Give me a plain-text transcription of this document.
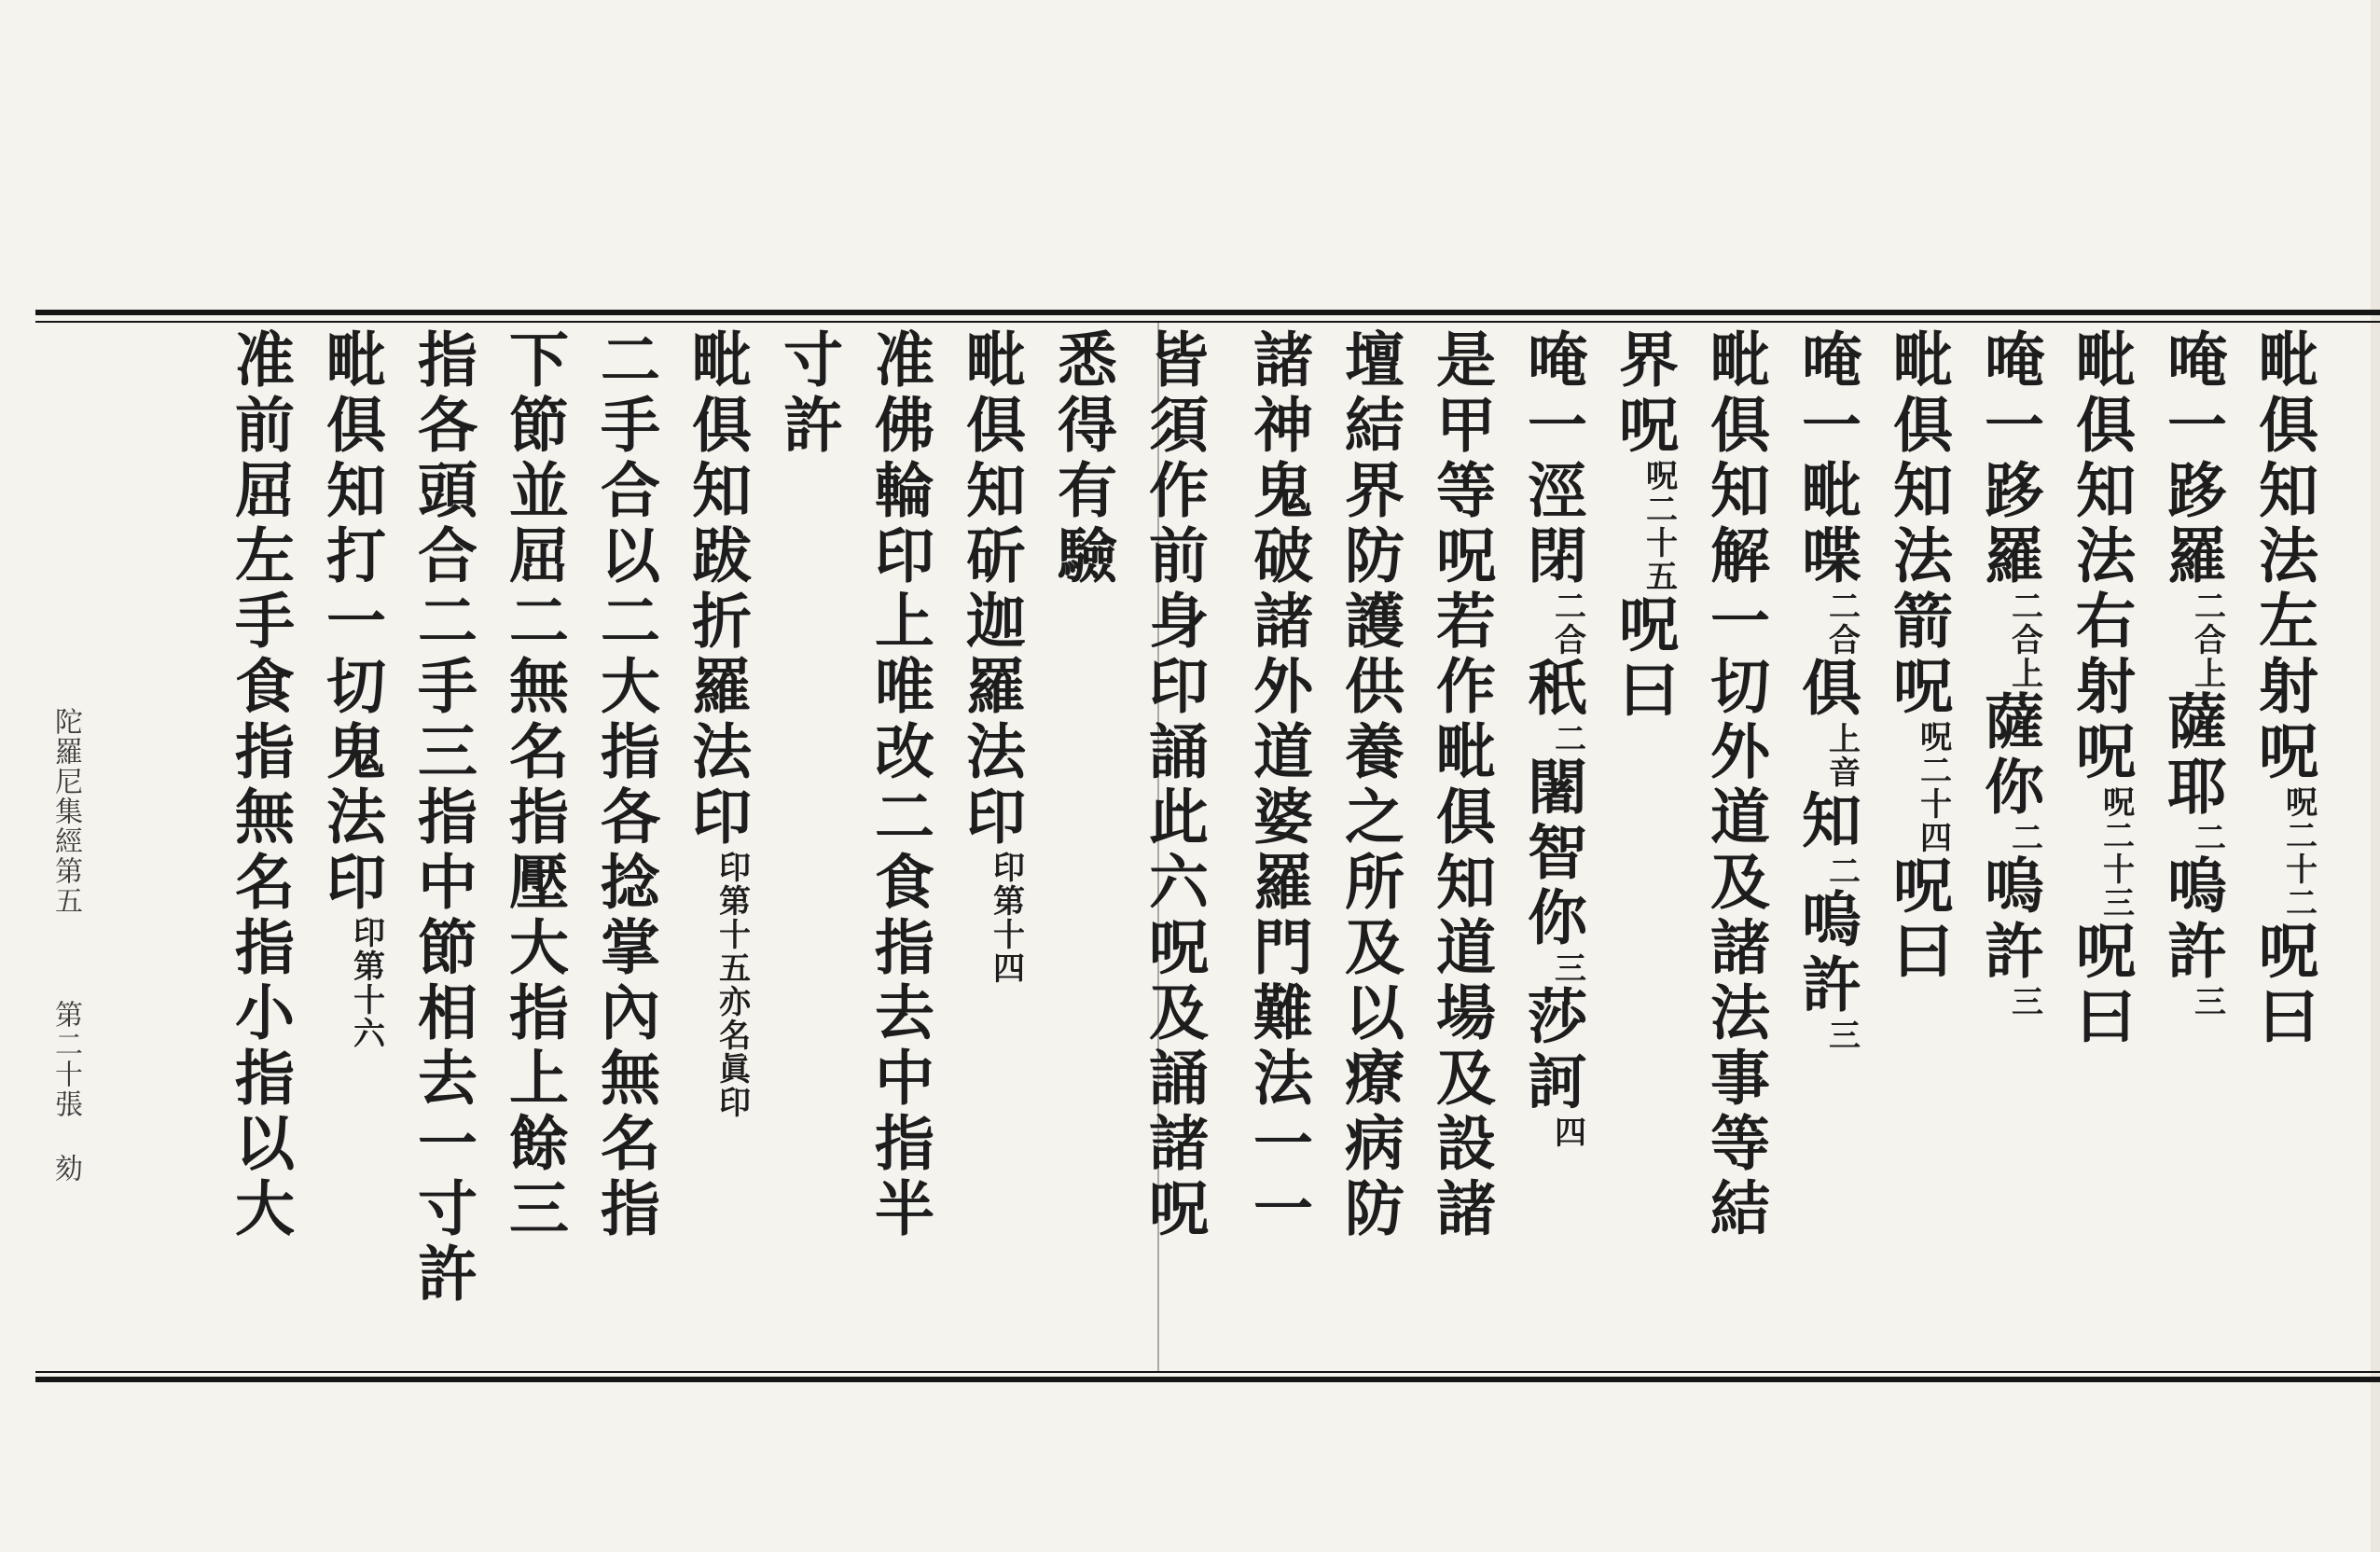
毗俱知法左射呪呪二十二呪曰
唵一跢羅二合上薩耶二嗚許三
毗俱知法右射呪呪二十三呪曰
唵一跢羅二合上薩你二嗚許三
毗俱知法箭呪呪二十四呪曰
唵一毗喋二合俱上音知二嗚許三
毗俱知解一切外道及諸法事等結
界呪呪二十五呪曰
唵一涇閉二合秖二闍智你三莎訶四
是甲等呪若作毗俱知道場及設諸
壇結界防護供養之所及以療病防
諸神鬼破諸外道婆羅門難法一一
皆須作前身印誦此六呪及誦諸呪
悉得有驗
毗俱知斫迦羅法印印第十四
准佛輪印上唯改二食指去中指半
寸許
毗俱知跋折羅法印印第十五亦名眞印
二手合以二大指各捻掌內無名指
下節並屈二無名指壓大指上餘三
指各頭合二手三指中節相去一寸許
毗俱知打一切鬼法印印第十六
准前屈左手食指無名指小指以大
陀羅尼集經第五第二十張 劾
